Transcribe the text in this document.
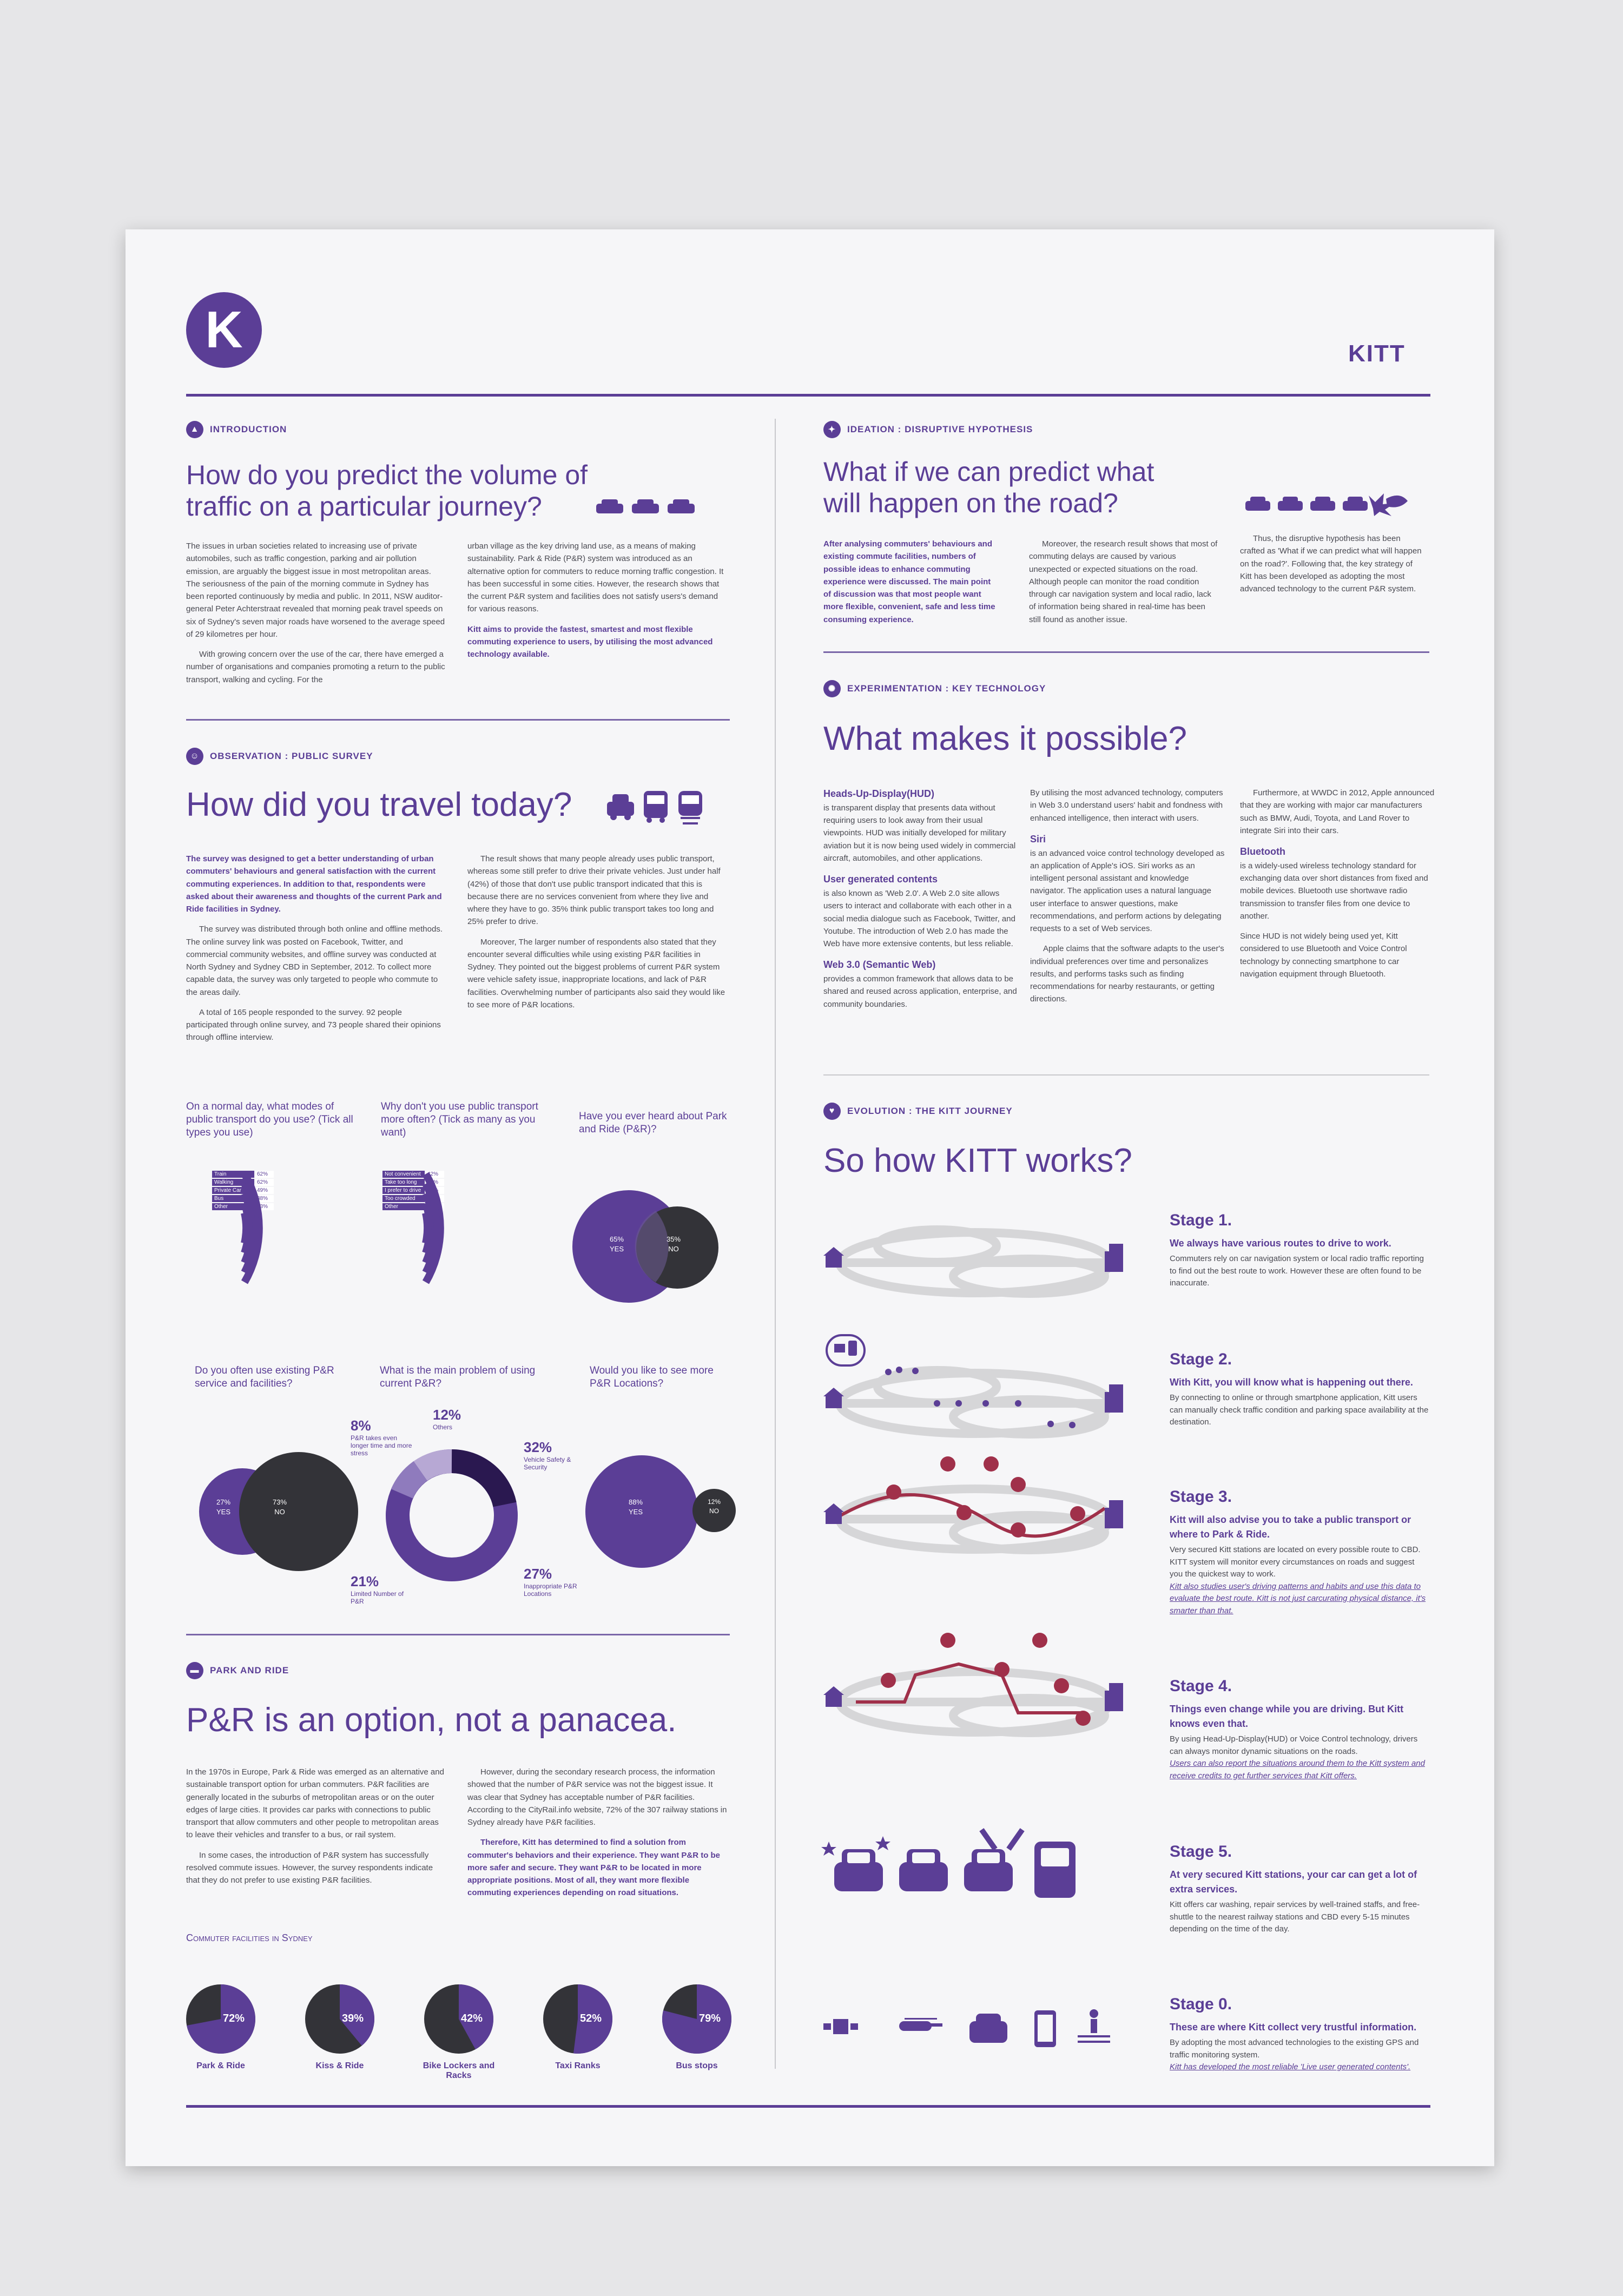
K	KITT
▲	INTRODUCTION
How do you predict the volume of traffic on a particular journey?

The issues in urban societies related to increasing use of private automobiles, such as traffic congestion, parking and air pollution emission, are arguably the biggest issue in most metropolitan areas. The seriousness of the pain of the morning commute in Sydney has been reported continuously by media and public. In 2011, NSW auditor-general Peter Achterstraat revealed that morning peak travel speeds on six of Sydney's seven major roads have worsened to the average speed of 29 kilometres per hour.

With growing concern over the use of the car, there have emerged a number of organisations and companies promoting a return to the public transport, walking and cycling. For the

urban village as the key driving land use, as a means of making sustainability. Park & Ride (P&R) system was introduced as an alternative option for commuters to reduce morning traffic congestion. It has been successful in some cities. However, the research shows that the current P&R system and facilities does not satisfy users's demand for various reasons.

Kitt aims to provide the fastest, smartest and most flexible commuting experience to users, by utilising the most advanced technology available.

☺	OBSERVATION : PUBLIC SURVEY
How did you travel today?

The survey was designed to get a better understanding of urban commuters' behaviours and general satisfaction with the current commuting experiences. In addition to that, respondents were asked about their awareness and thoughts of the current Park and Ride facilities in Sydney.

The survey was distributed through both online and offline methods. The online survey link was posted on Facebook, Twitter, and commercial community websites, and offline survey was conducted at North Sydney and Sydney CBD in September, 2012. To collect more capable data, the survey was only targeted to people who commute to the areas daily.

A total of 165 people responded to the survey. 92 people participated through online survey, and 73 people shared their opinions through offline interview.

The result shows that many people already uses public transport, whereas some still prefer to drive their private vehicles. Just under half (42%) of those that don't use public transport indicated that this is because there are no services convenient from where they live and where they have to go. 35% think public transport takes too long and 25% prefer to drive.

Moreover, The larger number of respondents also stated that they encounter several difficulties while using existing P&R facilities in Sydney. They pointed out the biggest problems of current P&R system were vehicle safety issue, inappropriate locations, and lack of P&R facilities. Overwhelming number of participants also said they would like to see more of P&R locations.

On a normal day, what modes of public transport do you use? (Tick all types you use)
Train	62%
Walking	62%
Private Car	49%
Bus	38%
Other	13%
Why don't you use public transport more often? (Tick as many as you want)
Not convenient	42%
Take too long	36%
I prefer to drive	25%
Too crowded	10%
Other	7%
Have you ever heard about Park and Ride (P&R)?
65%
YES
35%
NO
Do you often use existing P&R service and facilities?
27%
YES
73%
NO
What is the main problem of using current P&R?
12%
Others
32%
Vehicle Safety & Security
27%
Inappropriate P&R Locations
21%
Limited Number of P&R
8%
P&R takes even longer time and more stress
Would you like to see more P&R Locations?
88%
YES
12%
NO
▬	PARK AND RIDE
P&R is an option, not a panacea.

In the 1970s in Europe, Park & Ride was emerged as an alternative and sustainable transport option for urban commuters. P&R facilities are generally located in the suburbs of metropolitan areas or on the outer edges of large cities. It provides car parks with connections to public transport that allow commuters and other people to metropolitan areas to leave their vehicles and transfer to a bus, or rail system.

In some cases, the introduction of P&R system has successfully resolved commute issues. However, the survey respondents indicate that they do not prefer to use existing P&R facilities.

However, during the secondary research process, the information showed that the number of P&R service was not the biggest issue. It was clear that Sydney has acceptable number of P&R facilities. According to the CityRail.info website, 72% of the 307 railway stations in Sydney already have P&R facilities.

Therefore, Kitt has determined to find a solution from commuter's behaviors and their experience. They want P&R to be more safer and secure. They want P&R to be located in more appropriate positions. Most of all, they want more flexible commuting experiences depending on road situations.

Commuter facilities in Sydney
72%
Park & Ride
39%
Kiss & Ride
42%
Bike Lockers and Racks
52%
Taxi Ranks
79%
Bus stops
✦	IDEATION : DISRUPTIVE HYPOTHESIS
What if we can predict what will happen on the road?

After analysing commuters' behaviours and existing commute facilities, numbers of possible ideas to enhance commuting experience were discussed. The main point of discussion was that most people want more flexible, convenient, safe and less time consuming experience.

Moreover, the research result shows that most of commuting delays are caused by various unexpected or expected situations on the road. Although people can monitor the road condition through car navigation system and local radio, lack of information being shared in real-time has been still found as another issue.

Thus, the disruptive hypothesis has been crafted as 'What if we can predict what will happen on the road?'. Following that, the key strategy of Kitt has been developed as adopting the most advanced technology to the current P&R system.

✺	EXPERIMENTATION : KEY TECHNOLOGY
What makes it possible?
Heads-Up-Display(HUD)

is transparent display that presents data without requiring users to look away from their usual viewpoints. HUD was initially developed for military aviation but it is now being used widely in commercial aircraft, automobiles, and other applications.

User generated contents

is also known as 'Web 2.0'. A Web 2.0 site allows users to interact and collaborate with each other in a social media dialogue such as Facebook, Twitter, and Youtube. The introduction of Web 2.0 has made the Web have more extensive contents, but less reliable.

Web 3.0 (Semantic Web)

provides a common framework that allows data to be shared and reused across application, enterprise, and community boundaries.

By utilising the most advanced technology, computers in Web 3.0 understand users' habit and fondness with enhanced intelligence, then interact with users.

Siri

is an advanced voice control technology developed as an application of Apple's iOS. Siri works as an intelligent personal assistant and knowledge navigator. The application uses a natural language user interface to answer questions, make recommendations, and perform actions by delegating requests to a set of Web services.

Apple claims that the software adapts to the user's individual preferences over time and personalizes results, and performs tasks such as finding recommendations for nearby restaurants, or getting directions.

Furthermore, at WWDC in 2012, Apple announced that they are working with major car manufacturers such as BMW, Audi, Toyota, and Land Rover to integrate Siri into their cars.

Bluetooth

is a widely-used wireless technology standard for exchanging data over short distances from fixed and mobile devices. Bluetooth use shortwave radio transmission to transfer files from one device to another.

Since HUD is not widely being used yet, Kitt considered to use Bluetooth and Voice Control technology by connecting smartphone to car navigation equipment through Bluetooth.

♥	EVOLUTION : THE KITT JOURNEY
So how KITT works?
Stage 1.
We always have various routes to drive to work.
Commuters rely on car navigation system or local radio traffic reporting to find out the best route to work. However these are often found to be inaccurate.
Stage 2.
With Kitt, you will know what is happening out there.
By connecting to online or through smartphone application, Kitt users can manually check traffic condition and parking space availability at the destination.
Stage 3.
Kitt will also advise you to take a public transport or where to Park & Ride.
Very secured Kitt stations are located on every possible route to CBD. KITT system will monitor every circumstances on roads and suggest you the quickest way to work.
Kitt also studies user's driving patterns and habits and use this data to evaluate the best route. Kitt is not just carcurating physical distance, it's smarter than that.
Stage 4.
Things even change while you are driving. But Kitt knows even that.
By using Head-Up-Display(HUD) or Voice Control technology, drivers can always monitor dynamic situations on the roads.
Users can also report the situations around them to the Kitt system and receive credits to get further services that Kitt offers.
Stage 5.
At very secured Kitt stations, your car can get a lot of extra services.
Kitt offers car washing, repair services by well-trained staffs, and free-shuttle to the nearest railway stations and CBD every 5-15 minutes depending on the time of the day.
Stage 0.
These are where Kitt collect very trustful information.
By adopting the most advanced technologies to the existing GPS and traffic monitoring system.
Kitt has developed the most reliable 'Live user generated contents'.
